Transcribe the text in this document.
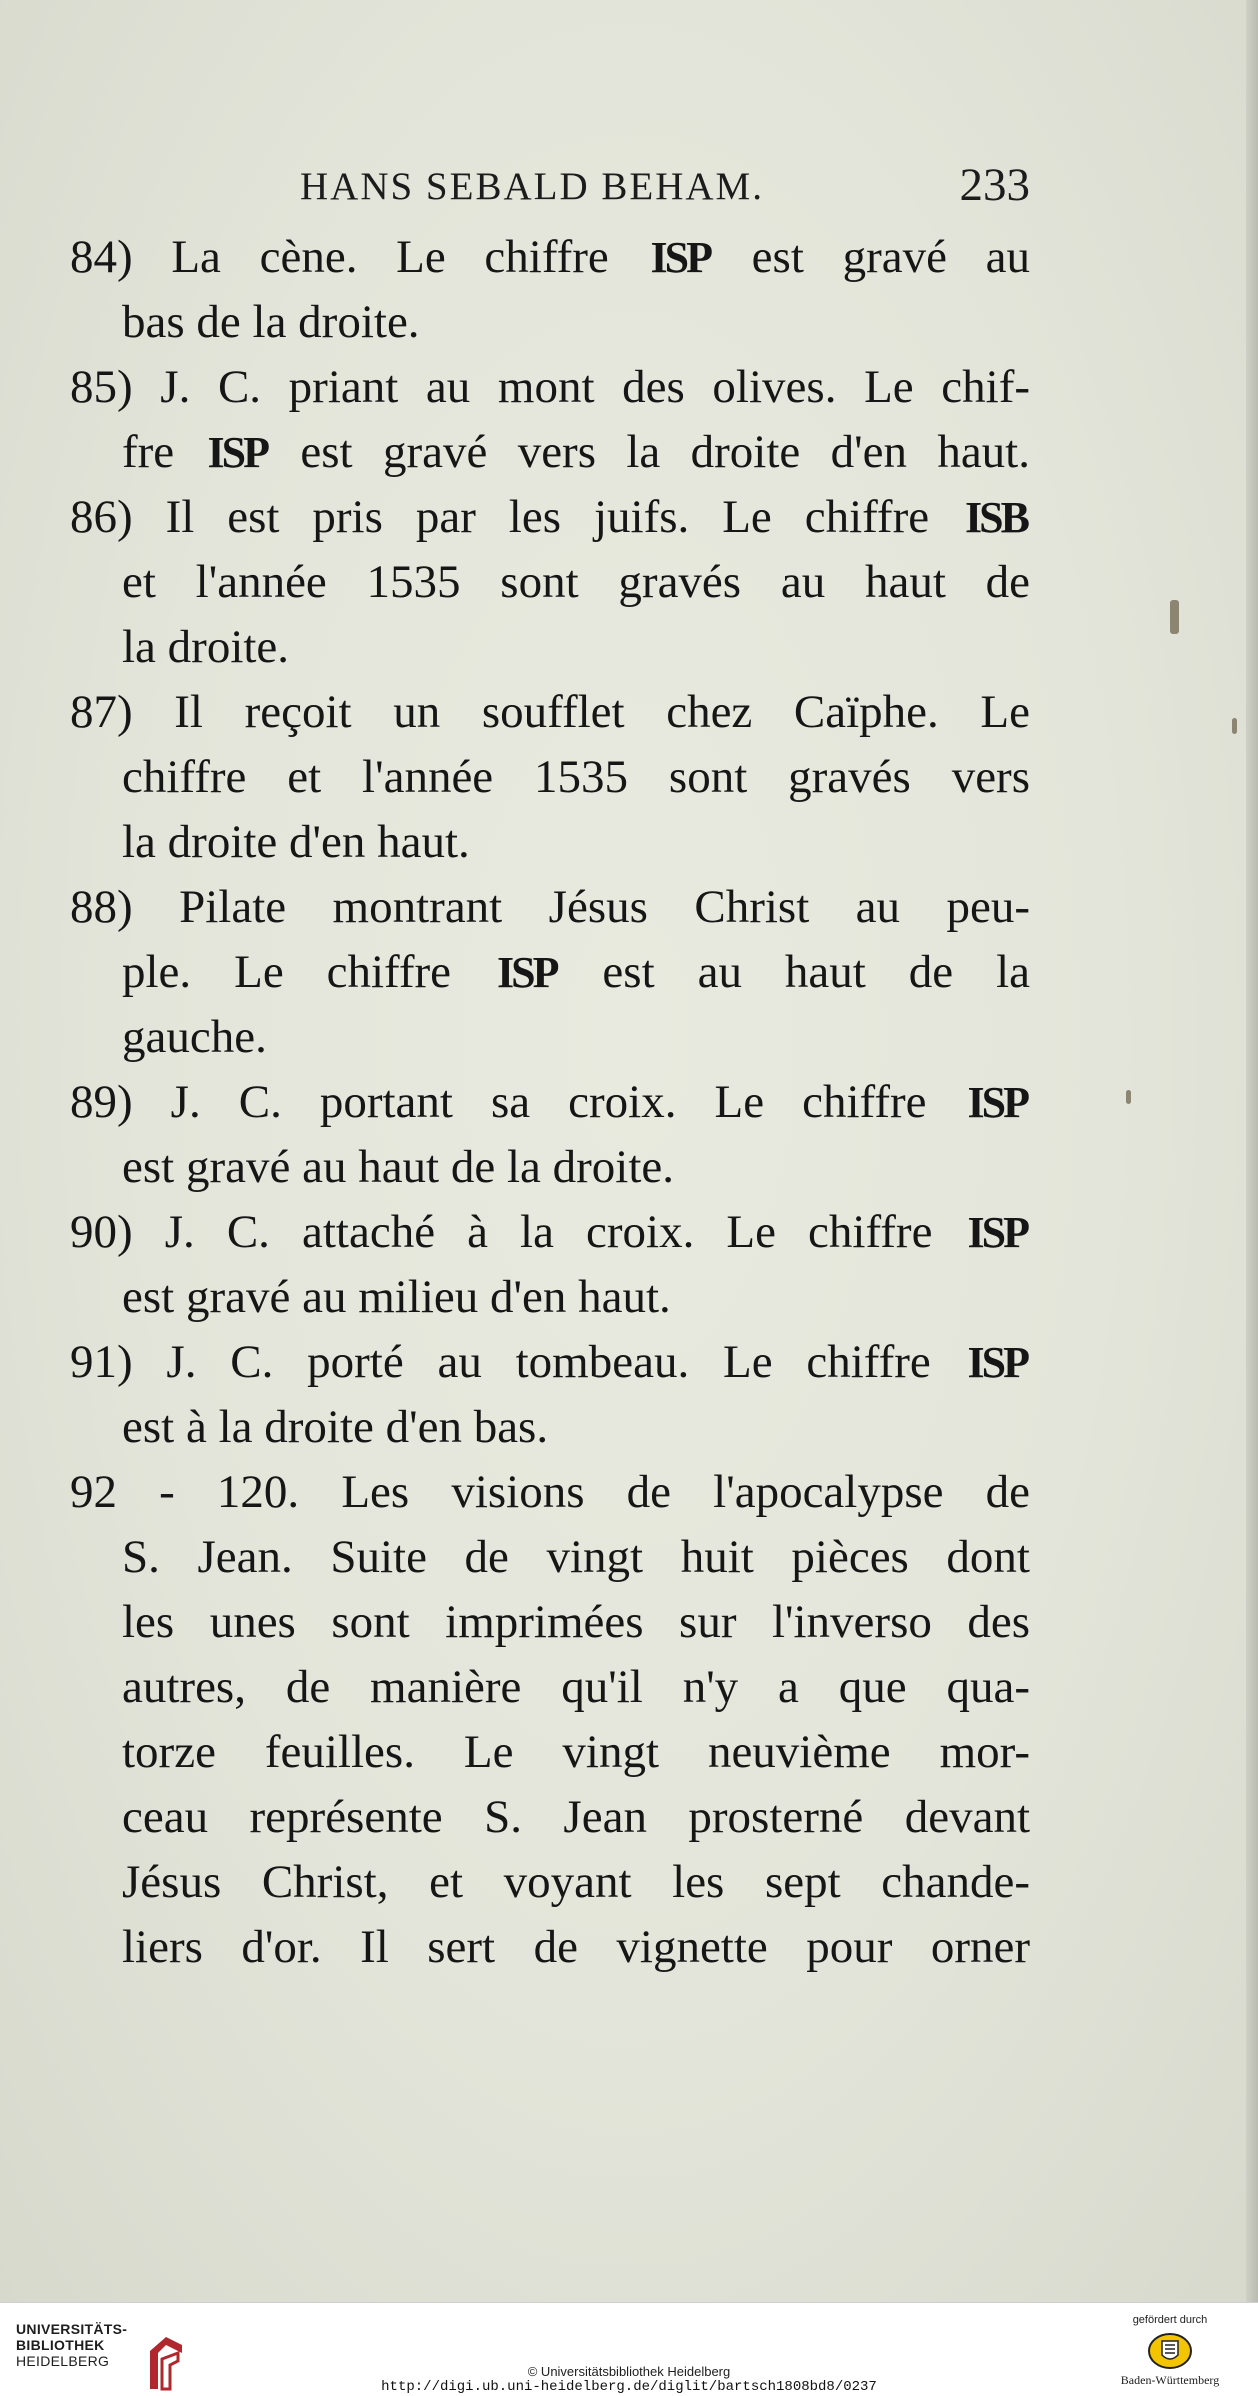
HANS SEBALD BEHAM.	233
84) La cène. Le chiffre ISP est gravé au
bas de la droite.
85) J. C. priant au mont des olives. Le chif-
fre ISP est gravé vers la droite d'en haut.
86) Il est pris par les juifs. Le chiffre ISB
et l'année 1535 sont gravés au haut de
la droite.
87) Il reçoit un soufflet chez Caïphe. Le
chiffre et l'année 1535 sont gravés vers
la droite d'en haut.
88) Pilate montrant Jésus Christ au peu-
ple. Le chiffre ISP est au haut de la
gauche.
89) J. C. portant sa croix. Le chiffre ISP
est gravé au haut de la droite.
90) J. C. attaché à la croix. Le chiffre ISP
est gravé au milieu d'en haut.
91) J. C. porté au tombeau. Le chiffre ISP
est à la droite d'en bas.
92 - 120. Les visions de l'apocalypse de
S. Jean. Suite de vingt huit pièces dont
les unes sont imprimées sur l'inverso des
autres, de manière qu'il n'y a que qua-
torze feuilles. Le vingt neuvième mor-
ceau représente S. Jean prosterné devant
Jésus Christ, et voyant les sept chande-
liers d'or. Il sert de vignette pour orner
UNIVERSITÄTS-
BIBLIOTHEK
HEIDELBERG
© Universitätsbibliothek Heidelberg
http://digi.ub.uni-heidelberg.de/diglit/bartsch1808bd8/0237
gefördert durch
Baden-Württemberg
